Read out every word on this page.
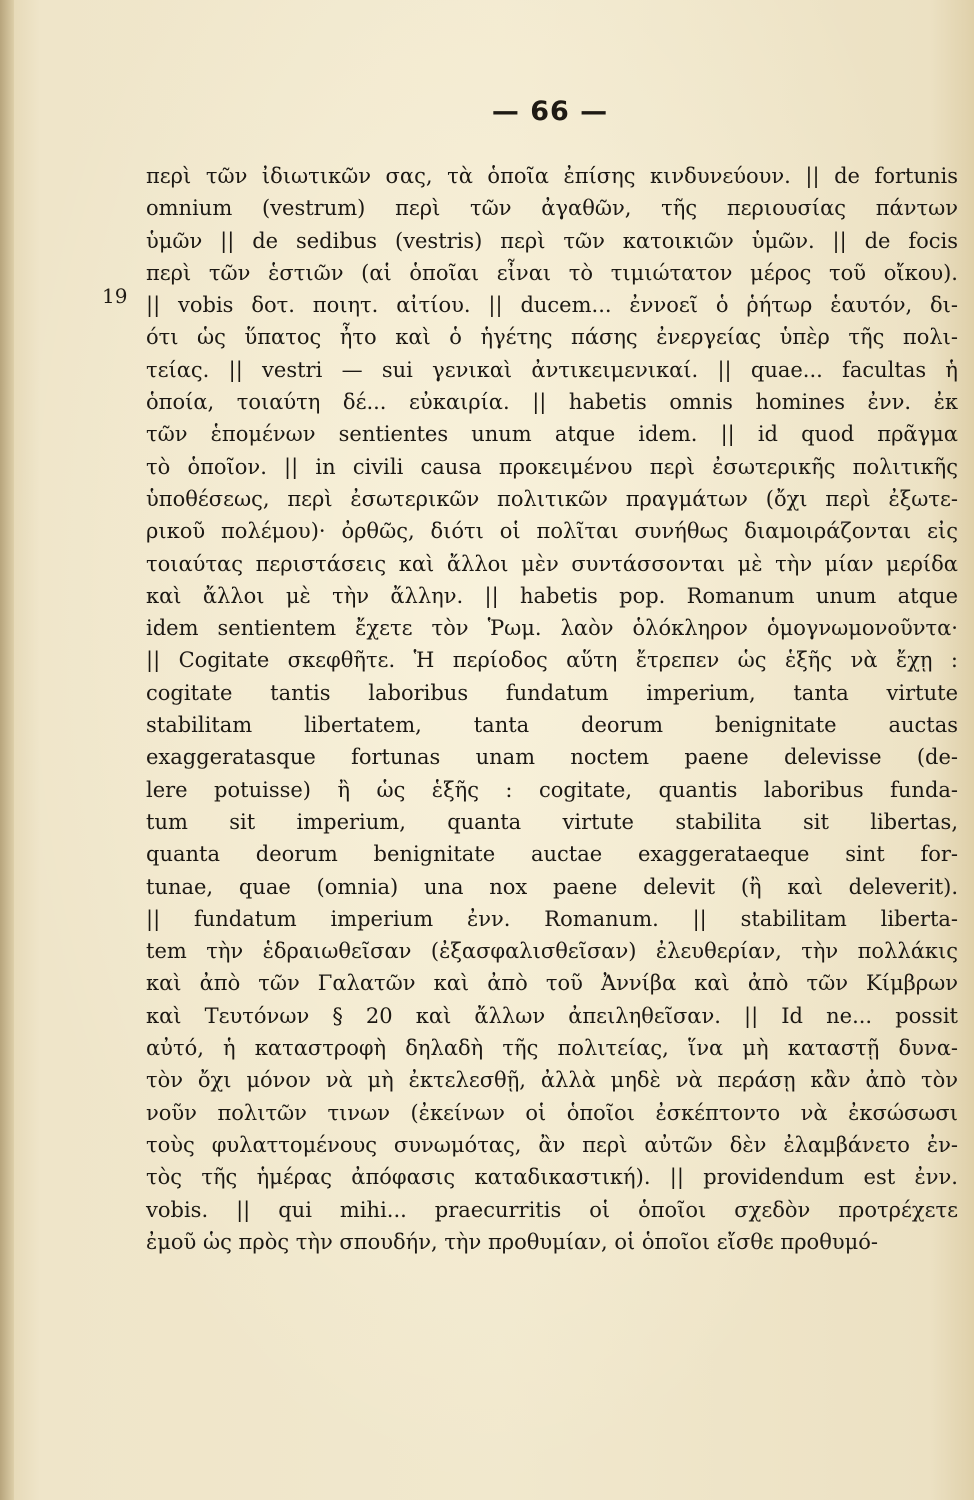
— 66 —
19
περὶ τῶν ἰδιωτικῶν σας, τὰ ὁποῖα ἐπίσης κινδυνεύουν. || de fortunis
omnium (vestrum) περὶ τῶν ἀγαθῶν, τῆς περιουσίας πάντων
ὑμῶν || de sedibus (vestris) περὶ τῶν κατοικιῶν ὑμῶν. || de focis
περὶ τῶν ἑστιῶν (αἱ ὁποῖαι εἶναι τὸ τιμιώτατον μέρος τοῦ οἴκου).
|| vobis δοτ. ποιητ. αἰτίου. || ducem... ἐννοεῖ ὁ ῥήτωρ ἑαυτόν, δι-
ότι ὡς ὕπατος ἦτο καὶ ὁ ἡγέτης πάσης ἐνεργείας ὑπὲρ τῆς πολι-
τείας. || vestri — sui γενικαὶ ἀντικειμενικαί. || quae... facultas ἡ
ὁποία, τοιαύτη δέ... εὐκαιρία. || habetis omnis homines ἐνν. ἐκ
τῶν ἑπομένων sentientes unum atque idem. || id quod πρᾶγμα
τὸ ὁποῖον. || in civili causa προκειμένου περὶ ἐσωτερικῆς πολιτικῆς
ὑποθέσεως, περὶ ἐσωτερικῶν πολιτικῶν πραγμάτων (ὄχι περὶ ἐξωτε-
ρικοῦ πολέμου)· ὀρθῶς, διότι οἱ πολῖται συνήθως διαμοιράζονται εἰς
τοιαύτας περιστάσεις καὶ ἄλλοι μὲν συντάσσονται μὲ τὴν μίαν μερίδα
καὶ ἄλλοι μὲ τὴν ἄλλην. || habetis pop. Romanum unum atque
idem sentientem ἔχετε τὸν Ῥωμ. λαὸν ὁλόκληρον ὁμογνωμονοῦντα·
|| Cogitate σκεφθῆτε. Ἡ περίοδος αὕτη ἔτρεπεν ὡς ἑξῆς νὰ ἔχῃ :
cogitate tantis laboribus fundatum imperium, tanta virtute
stabilitam libertatem, tanta deorum benignitate auctas
exaggeratasque fortunas unam noctem paene delevisse (de-
lere potuisse) ἢ ὡς ἑξῆς : cogitate, quantis laboribus funda-
tum sit imperium, quanta virtute stabilita sit libertas,
quanta deorum benignitate auctae exaggerataeque sint for-
tunae, quae (omnia) una nox paene delevit (ἢ καὶ deleverit).
|| fundatum imperium ἐνν. Romanum. || stabilitam liberta-
tem τὴν ἑδραιωθεῖσαν (ἐξασφαλισθεῖσαν) ἐλευθερίαν, τὴν πολλάκις
καὶ ἀπὸ τῶν Γαλατῶν καὶ ἀπὸ τοῦ Ἀννίβα καὶ ἀπὸ τῶν Κίμβρων
καὶ Τευτόνων § 20 καὶ ἄλλων ἀπειληθεῖσαν. || Id ne... possit
αὐτό, ἡ καταστροφὴ δηλαδὴ τῆς πολιτείας, ἵνα μὴ καταστῇ δυνα-
τὸν ὄχι μόνον νὰ μὴ ἐκτελεσθῇ, ἀλλὰ μηδὲ νὰ περάσῃ κἂν ἀπὸ τὸν
νοῦν πολιτῶν τινων (ἐκείνων οἱ ὁποῖοι ἐσκέπτοντο νὰ ἐκσώσωσι
τοὺς φυλαττομένους συνωμότας, ἂν περὶ αὐτῶν δὲν ἐλαμβάνετο ἐν-
τὸς τῆς ἡμέρας ἀπόφασις καταδικαστική). || providendum est ἐνν.
vobis. || qui mihi... praecurritis οἱ ὁποῖοι σχεδὸν προτρέχετε
ἐμοῦ ὡς πρὸς τὴν σπουδήν, τὴν προθυμίαν, οἱ ὁποῖοι εἴσθε προθυμό-
